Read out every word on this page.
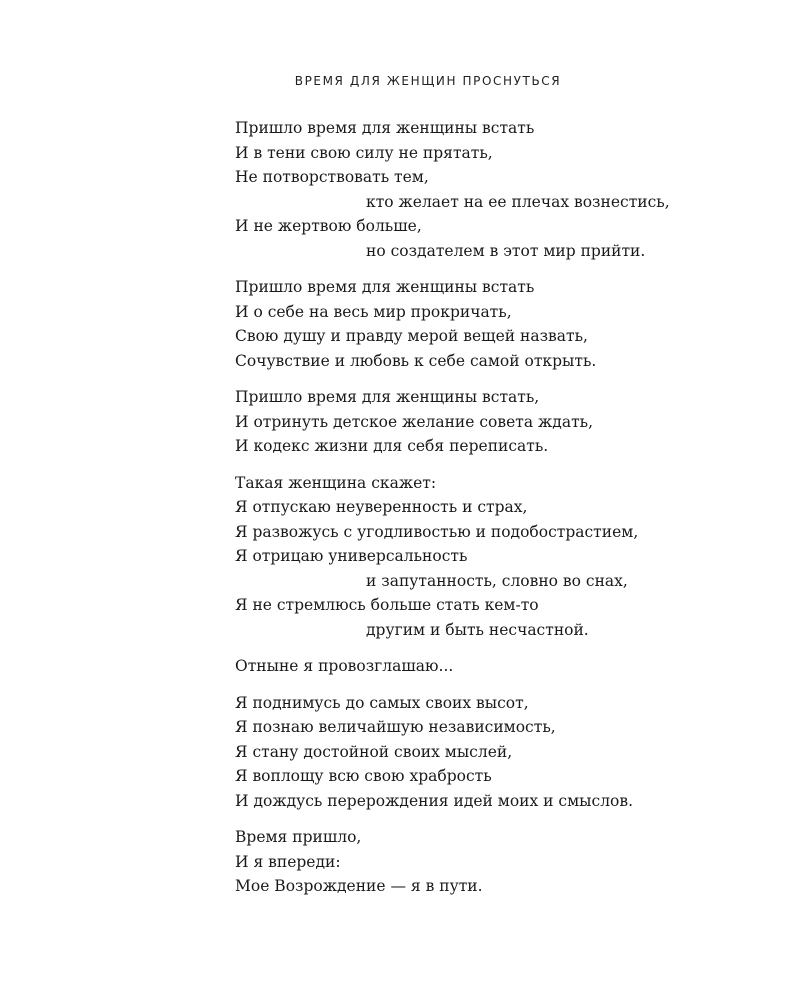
ВРЕМЯ ДЛЯ ЖЕНЩИН ПРОСНУТЬСЯ
Пришло время для женщины встать
И в тени свою силу не прятать,
Не потворствовать тем,
кто желает на ее плечах вознестись,
И не жертвою больше,
но создателем в этот мир прийти.
Пришло время для женщины встать
И о себе на весь мир прокричать,
Свою душу и правду мерой вещей назвать,
Сочувствие и любовь к себе самой открыть.
Пришло время для женщины встать,
И отринуть детское желание совета ждать,
И кодекс жизни для себя переписать.
Такая женщина скажет:
Я отпускаю неуверенность и страх,
Я развожусь с угодливостью и подобострастием,
Я отрицаю универсальность
и запутанность, словно во снах,
Я не стремлюсь больше стать кем-то
другим и быть несчастной.
Отныне я провозглашаю...
Я поднимусь до самых своих высот,
Я познаю величайшую независимость,
Я стану достойной своих мыслей,
Я воплощу всю свою храбрость
И дождусь перерождения идей моих и смыслов.
Время пришло,
И я впереди:
Мое Возрождение — я в пути.
